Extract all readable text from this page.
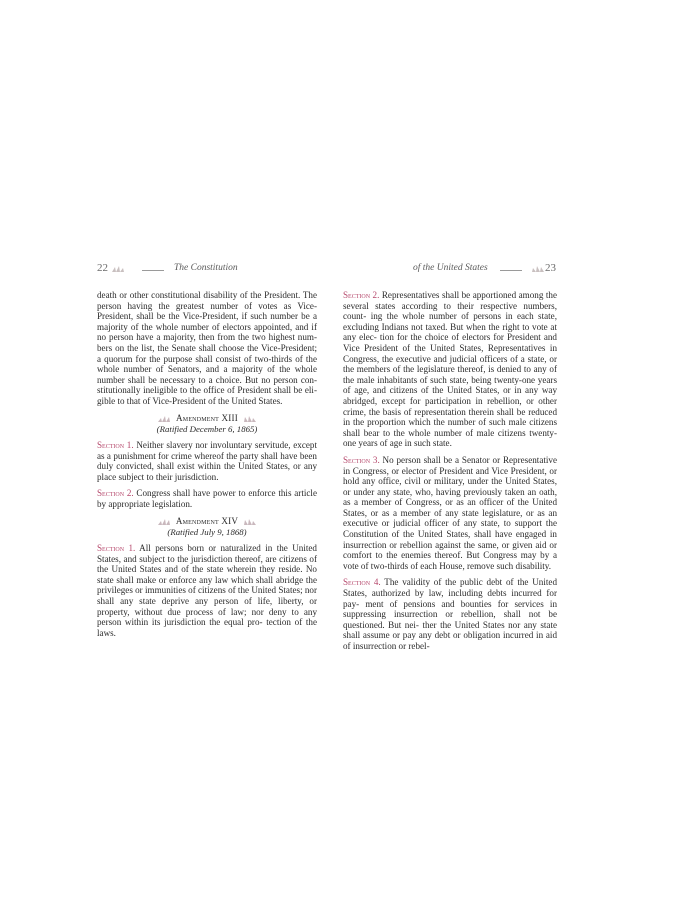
22	The Constitution
death or other constitutional disability of the President. The person having the greatest number of votes as Vice- President, shall be the Vice-President, if such number be a majority of the whole number of electors appointed, and if no person have a majority, then from the two highest num- bers on the list, the Senate shall choose the Vice-President; a quorum for the purpose shall consist of two-thirds of the whole number of Senators, and a majority of the whole number shall be necessary to a choice. But no person con- stitutionally ineligible to the office of President shall be eli- gible to that of Vice-President of the United States.
Amendment XIII
(Ratified December 6, 1865)
Section 1. Neither slavery nor involuntary servitude, except as a punishment for crime whereof the party shall have been duly convicted, shall exist within the United States, or any place subject to their jurisdiction.
Section 2. Congress shall have power to enforce this article by appropriate legislation.
Amendment XIV
(Ratified July 9, 1868)
Section 1. All persons born or naturalized in the United States, and subject to the jurisdiction thereof, are citizens of the United States and of the state wherein they reside. No state shall make or enforce any law which shall abridge the privileges or immunities of citizens of the United States; nor shall any state deprive any person of life, liberty, or property, without due process of law; nor deny to any person within its jurisdiction the equal pro- tection of the laws.
of the United States	23
Section 2. Representatives shall be apportioned among the several states according to their respective numbers, count- ing the whole number of persons in each state, excluding Indians not taxed. But when the right to vote at any elec- tion for the choice of electors for President and Vice President of the United States, Representatives in Congress, the executive and judicial officers of a state, or the members of the legislature thereof, is denied to any of the male inhabitants of such state, being twenty-one years of age, and citizens of the United States, or in any way abridged, except for participation in rebellion, or other crime, the basis of representation therein shall be reduced in the proportion which the number of such male citizens shall bear to the whole number of male citizens twenty-one years of age in such state.
Section 3. No person shall be a Senator or Representative in Congress, or elector of President and Vice President, or hold any office, civil or military, under the United States, or under any state, who, having previously taken an oath, as a member of Congress, or as an officer of the United States, or as a member of any state legislature, or as an executive or judicial officer of any state, to support the Constitution of the United States, shall have engaged in insurrection or rebellion against the same, or given aid or comfort to the enemies thereof. But Congress may by a vote of two-thirds of each House, remove such disability.
Section 4. The validity of the public debt of the United States, authorized by law, including debts incurred for pay- ment of pensions and bounties for services in suppressing insurrection or rebellion, shall not be questioned. But nei- ther the United States nor any state shall assume or pay any debt or obligation incurred in aid of insurrection or rebel-
